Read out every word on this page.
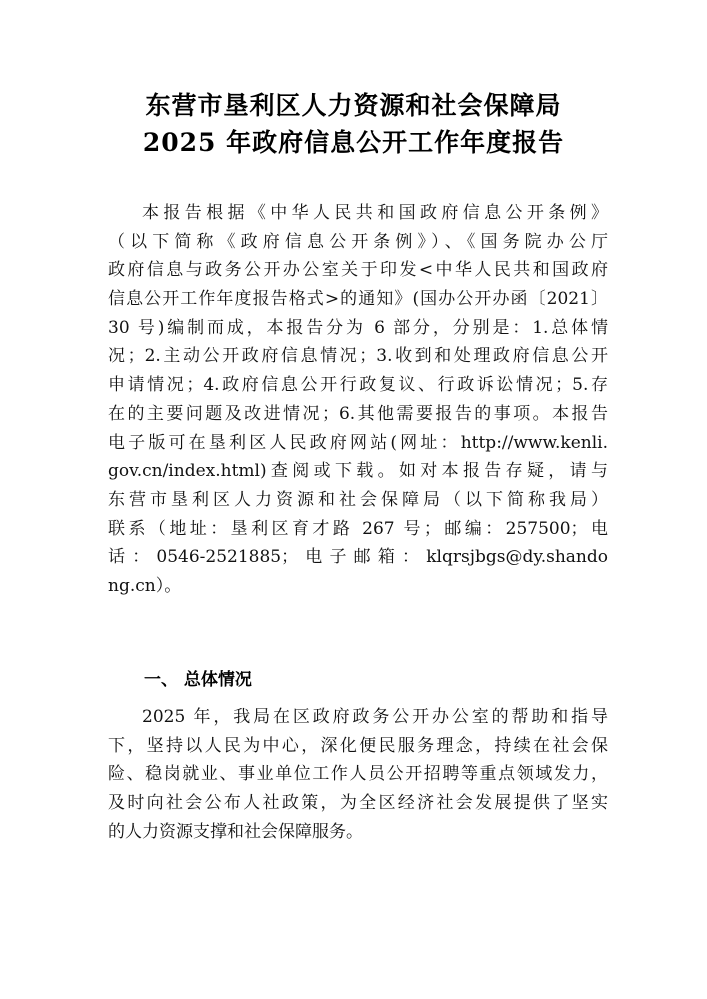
东营市垦利区人力资源和社会保障局
2025 年政府信息公开工作年度报告
本报告根据《中华人民共和国政府信息公开条例》
（以下简称《政府信息公开条例》）、《国务院办公厅
政府信息与政务公开办公室关于印发<中华人民共和国政府
信息公开工作年度报告格式>的通知》(国办公开办函〔2021〕
30 号)编制而成，本报告分为 6 部分，分别是：1.总体情
况；2.主动公开政府信息情况；3.收到和处理政府信息公开
申请情况；4.政府信息公开行政复议、行政诉讼情况；5.存
在的主要问题及改进情况；6.其他需要报告的事项。本报告
电子版可在垦利区人民政府网站(网址：http://www.kenli.
gov.cn/index.html)查阅或下载。如对本报告存疑，请与
东营市垦利区人力资源和社会保障局（以下简称我局）
联系（地址：垦利区育才路 267 号；邮编：257500；电
话：0546-2521885；电子邮箱：klqrsjbgs@dy.shando
ng.cn）。
一、 总体情况
2025 年，我局在区政府政务公开办公室的帮助和指导
下，坚持以人民为中心，深化便民服务理念，持续在社会保
险、稳岗就业、事业单位工作人员公开招聘等重点领域发力，
及时向社会公布人社政策，为全区经济社会发展提供了坚实
的人力资源支撑和社会保障服务。
